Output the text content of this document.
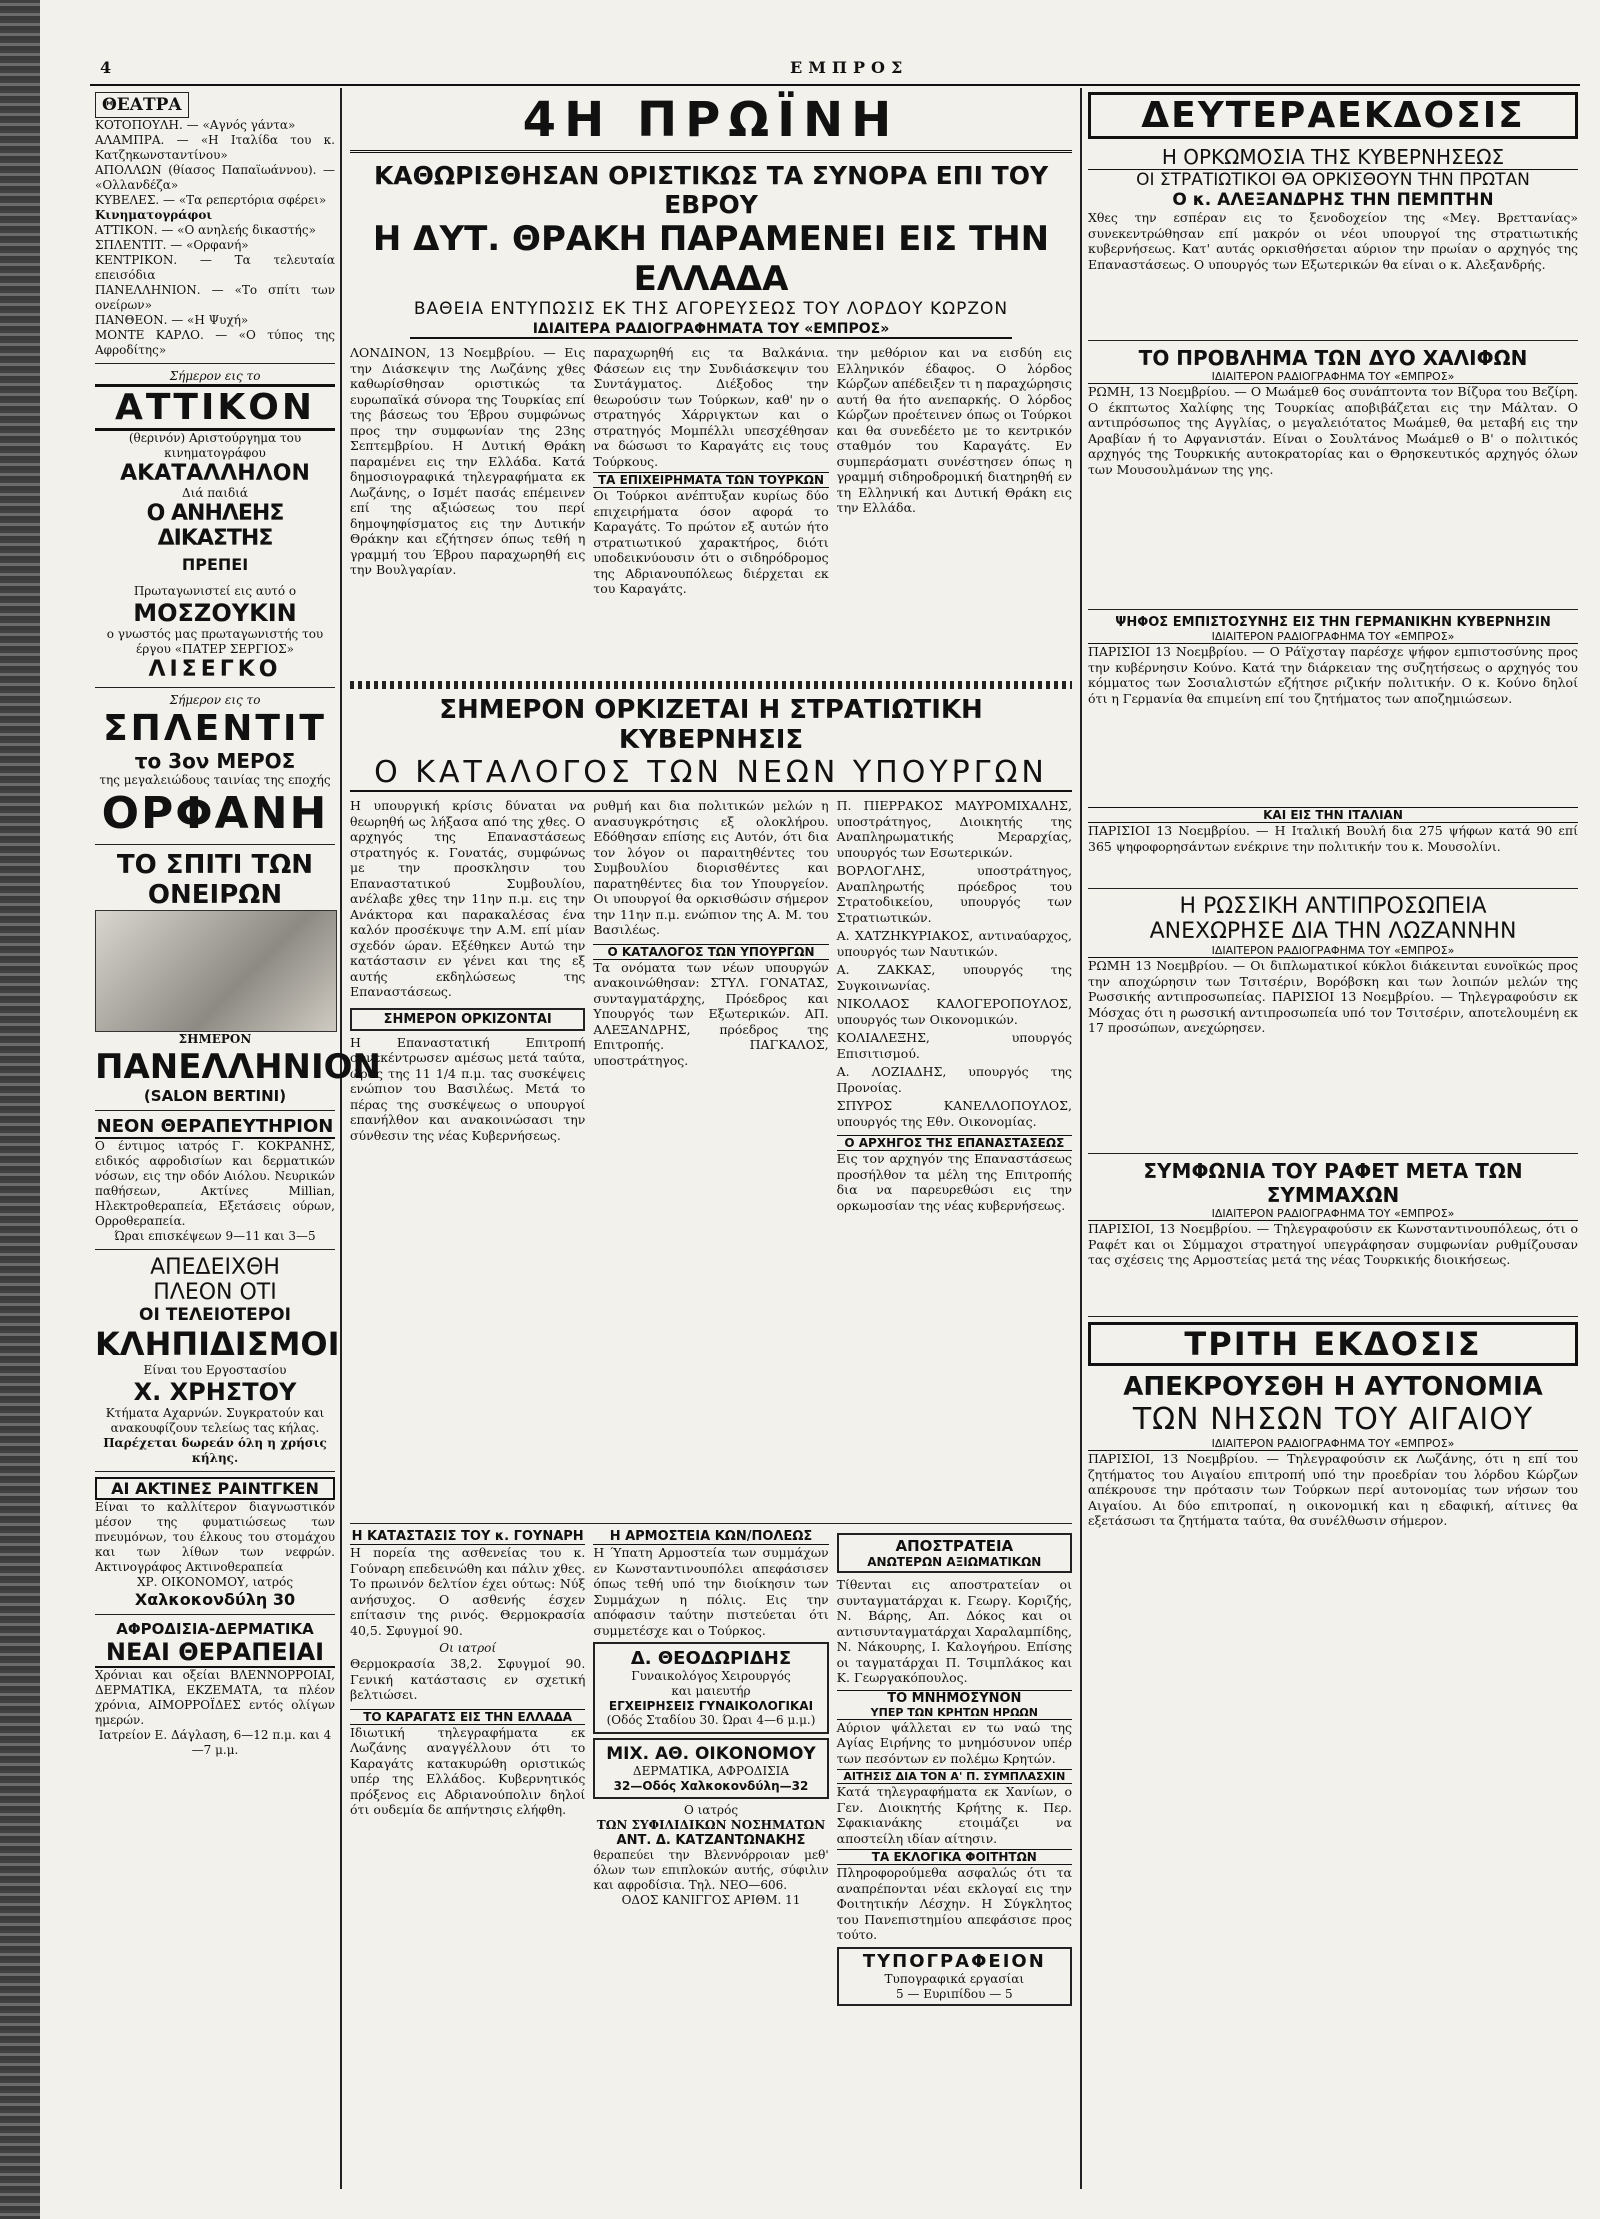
4	ΕΜΠΡΟΣ
ΘΕΑΤΡΑ
ΚΟΤΟΠΟΥΛΗ. — «Αγνός γάντα»
ΑΛΑΜΠΡΑ. — «Η Ιταλίδα του κ. Κατζηκωνσταντίνου»
ΑΠΟΛΛΩΝ (θίασος Παπαϊωάννου). — «Ολλανδέζα»
ΚΥΒΕΛΕΣ. — «Τα ρεπερτόρια σφέρει»
Κινηματογράφοι
ΑΤΤΙΚΟΝ. — «Ο ανηλεής δικαστής»
ΣΠΛΕΝΤΙΤ. — «Ορφανή»
ΚΕΝΤΡΙΚΟΝ. — Τα τελευταία επεισόδια
ΠΑΝΕΛΛΗΝΙΟΝ. — «Το σπίτι των ονείρων»
ΠΑΝΘΕΟΝ. — «Η Ψυχή»
ΜΟΝΤΕ ΚΑΡΛΟ. — «Ο τύπος της Αφροδίτης»
Σήμερον εις το
ΑΤΤΙΚΟΝ
(θερινόν) Αριστούργημα του κινηματογράφου
ΑΚΑΤΑΛΛΗΛΟΝ
Διά παιδιά
Ο ΑΝΗΛΕΗΣ ΔΙΚΑΣΤΗΣ
ΠΡΕΠΕΙ
Πρωταγωνιστεί εις αυτό ο
ΜΟΣΖΟΥΚΙΝ
ο γνωστός μας πρωταγωνιστής του έργου «ΠΑΤΕΡ ΣΕΡΓΙΟΣ»
ΛΙΣΕΓΚΟ
Σήμερον εις το
ΣΠΛΕΝΤΙΤ
το 3ον ΜΕΡΟΣ
της μεγαλειώδους ταινίας της εποχής
ΟΡΦΑΝΗ
ΤΟ ΣΠΙΤΙ ΤΩΝ ΟΝΕΙΡΩΝ
ΣΗΜΕΡΟΝ
ΠΑΝΕΛΛΗΝΙΟΝ
(SALON BERTINI)
ΝΕΟΝ ΘΕΡΑΠΕΥΤΗΡΙΟΝ
Ο έντιμος ιατρός Γ. ΚΟΚΡΑΝΗΣ, ειδικός αφροδισίων και δερματικών νόσων, εις την οδόν Αιόλου. Νευρικών παθήσεων, Ακτίνες Millian, Ηλεκτροθεραπεία, Εξετάσεις ούρων, Ορροθεραπεία.
Ώραι επισκέψεων 9—11 και 3—5
ΑΠΕΔΕΙΧΘΗ
ΠΛΕΟΝ ΟΤΙ
ΟΙ ΤΕΛΕΙΟΤΕΡΟΙ
ΚΛΗΠΙΔΙΣΜΟΙ
Είναι του Εργοστασίου
Χ. ΧΡΗΣΤΟΥ
Κτήματα Αχαρνών. Συγκρατούν και ανακουφίζουν τελείως τας κήλας.
Παρέχεται δωρεάν όλη η χρήσις κήλης.
ΑΙ ΑΚΤΙΝΕΣ ΡΑΙΝΤΓΚΕΝ
Είναι το καλλίτερον διαγνωστικόν μέσον της φυματιώσεως των πνευμόνων, του έλκους του στομάχου και των λίθων των νεφρών. Ακτινογράφος Ακτινοθεραπεία
ΧΡ. ΟΙΚΟΝΟΜΟΥ, ιατρός
Χαλκοκονδύλη 30
ΑΦΡΟΔΙΣΙΑ-ΔΕΡΜΑΤΙΚΑ
ΝΕΑΙ ΘΕΡΑΠΕΙΑΙ
Χρόνιαι και οξείαι ΒΛΕΝΝΟΡΡΟΙΑΙ, ΔΕΡΜΑΤΙΚΑ, ΕΚΖΕΜΑΤΑ, τα πλέον χρόνια, ΑΙΜΟΡΡΟΪΔΕΣ εντός ολίγων ημερών.
Ιατρείον Ε. Δάγλαση, 6—12 π.μ. και 4—7 μ.μ.
4Η ΠΡΩΪΝΗ
ΚΑΘΩΡΙΣΘΗΣΑΝ ΟΡΙΣΤΙΚΩΣ ΤΑ ΣΥΝΟΡΑ ΕΠΙ ΤΟΥ ΕΒΡΟΥ
Η ΔΥΤ. ΘΡΑΚΗ ΠΑΡΑΜΕΝΕΙ ΕΙΣ ΤΗΝ ΕΛΛΑΔΑ
ΒΑΘΕΙΑ ΕΝΤΥΠΩΣΙΣ ΕΚ ΤΗΣ ΑΓΟΡΕΥΣΕΩΣ ΤΟΥ ΛΟΡΔΟΥ ΚΩΡΖΟΝ
ΙΔΙΑΙΤΕΡΑ ΡΑΔΙΟΓΡΑΦΗΜΑΤΑ ΤΟΥ «ΕΜΠΡΟΣ»

ΛΟΝΔΙΝΟΝ, 13 Νοεμβρίου. — Εις την Διάσκεψιν της Λωζάνης χθες καθωρίσθησαν οριστικώς τα ευρωπαϊκά σύνορα της Τουρκίας επί της βάσεως του Έβρου συμφώνως προς την συμφωνίαν της 23ης Σεπτεμβρίου. Η Δυτική Θράκη παραμένει εις την Ελλάδα. Κατά δημοσιογραφικά τηλεγραφήματα εκ Λωζάνης, ο Ισμέτ πασάς επέμεινεν επί της αξιώσεως του περί δημοψηφίσματος εις την Δυτικήν Θράκην και εζήτησεν όπως τεθή η γραμμή του Έβρου παραχωρηθή εις την Βουλγαρίαν.

παραχωρηθή εις τα Βαλκάνια. Φάσεων εις την Συνδιάσκεψιν του Συντάγματος. Διέξοδος την θεωρούσιν των Τούρκων, καθ' ην ο στρατηγός Χάρριγκτων και ο στρατηγός Μομπέλλι υπεσχέθησαν να δώσωσι το Καραγάτς εις τους Τούρκους.

ΤΑ ΕΠΙΧΕΙΡΗΜΑΤΑ ΤΩΝ ΤΟΥΡΚΩΝ

Οι Τούρκοι ανέπτυξαν κυρίως δύο επιχειρήματα όσον αφορά το Καραγάτς. Το πρώτον εξ αυτών ήτο στρατιωτικού χαρακτήρος, διότι υποδεικνύουσιν ότι ο σιδηρόδρομος της Αδριανουπόλεως διέρχεται εκ του Καραγάτς.

την μεθόριον και να εισδύη εις Ελληνικόν έδαφος. Ο λόρδος Κώρζων απέδειξεν τι η παραχώρησις αυτή θα ήτο ανεπαρκής. Ο λόρδος Κώρζων προέτεινεν όπως οι Τούρκοι και θα συνεδέετο με το κεντρικόν σταθμόν του Καραγάτς. Εν συμπεράσματι συνέστησεν όπως η γραμμή σιδηροδρομική διατηρηθή εν τη Ελληνική και Δυτική Θράκη εις την Ελλάδα.

ΣΗΜΕΡΟΝ ΟΡΚΙΖΕΤΑΙ Η ΣΤΡΑΤΙΩΤΙΚΗ ΚΥΒΕΡΝΗΣΙΣ
Ο ΚΑΤΑΛΟΓΟΣ ΤΩΝ ΝΕΩΝ ΥΠΟΥΡΓΩΝ

Η υπουργική κρίσις δύναται να θεωρηθή ως λήξασα από της χθες. Ο αρχηγός της Επαναστάσεως στρατηγός κ. Γονατάς, συμφώνως με την προσκλησιν του Επαναστατικού Συμβουλίου, ανέλαβε χθες την 11ην π.μ. εις την Ανάκτορα και παρακαλέσας ένα καλόν προσέκυψε την Α.Μ. επί μίαν σχεδόν ώραν. Εξέθηκεν Αυτώ την κατάστασιν εν γένει και της εξ αυτής εκδηλώσεως της Επαναστάσεως.

ΣΗΜΕΡΟΝ ΟΡΚΙΖΟΝΤΑΙ

Η Επαναστατική Επιτροπή συνεκέντρωσεν αμέσως μετά ταύτα, ώρας της 11 1/4 π.μ. τας συσκέψεις ενώπιον του Βασιλέως. Μετά το πέρας της συσκέψεως ο υπουργοί επανήλθον και ανακοινώσασι την σύνθεσιν της νέας Κυβερνήσεως.

ρυθμή και δια πολιτικών μελών η ανασυγκρότησις εξ ολοκλήρου. Εδόθησαν επίσης εις Αυτόν, ότι δια τον λόγον οι παραιτηθέντες του Συμβουλίου διορισθέντες και παρατηθέντες δια τον Υπουργείον. Οι υπουργοί θα ορκισθώσιν σήμερον την 11ην π.μ. ενώπιον της Α. Μ. του Βασιλέως.

Ο ΚΑΤΑΛΟΓΟΣ ΤΩΝ ΥΠΟΥΡΓΩΝ

Τα ονόματα των νέων υπουργών ανακοινώθησαν: ΣΤΥΛ. ΓΟΝΑΤΑΣ, συνταγματάρχης, Πρόεδρος και Υπουργός των Εξωτερικών. ΑΠ. ΑΛΕΞΑΝΔΡΗΣ, πρόεδρος της Επιτροπής. ΠΑΓΚΑΛΟΣ, υποστράτηγος.

Π. ΠΙΕΡΡΑΚΟΣ ΜΑΥΡΟΜΙΧΑΛΗΣ, υποστράτηγος, Διοικητής της Αναπληρωματικής Μεραρχίας, υπουργός των Εσωτερικών.

ΒΟΡΛΟΓΛΗΣ, υποστράτηγος, Αναπληρωτής πρόεδρος του Στρατοδικείου, υπουργός των Στρατιωτικών.

Α. ΧΑΤΖΗΚΥΡΙΑΚΟΣ, αντιναύαρχος, υπουργός των Ναυτικών.

Α. ΖΑΚΚΑΣ, υπουργός της Συγκοινωνίας.

ΝΙΚΟΛΑΟΣ ΚΑΛΟΓΕΡΟΠΟΥΛΟΣ, υπουργός των Οικονομικών.

ΚΟΛΙΑΛΕΞΗΣ, υπουργός Επισιτισμού.

Α. ΛΟΖΙΑΔΗΣ, υπουργός της Προνοίας.

ΣΠΥΡΟΣ ΚΑΝΕΛΛΟΠΟΥΛΟΣ, υπουργός της Εθν. Οικονομίας.

Ο ΑΡΧΗΓΟΣ ΤΗΣ ΕΠΑΝΑΣΤΑΣΕΩΣ

Εις τον αρχηγόν της Επαναστάσεως προσήλθον τα μέλη της Επιτροπής δια να παρευρεθώσι εις την ορκωμοσίαν της νέας κυβερνήσεως.

Η ΚΑΤΑΣΤΑΣΙΣ ΤΟΥ κ. ΓΟΥΝΑΡΗ

Η πορεία της ασθενείας του κ. Γούναρη επεδεινώθη και πάλιν χθες. Το πρωινόν δελτίον έχει ούτως: Νύξ ανήσυχος. Ο ασθενής έσχεν επίτασιν της ρινός. Θερμοκρασία 40,5. Σφυγμοί 90.

Οι ιατροί

Θερμοκρασία 38,2. Σφυγμοί 90. Γενική κατάστασις εν σχετική βελτιώσει.

ΤΟ ΚΑΡΑΓΑΤΣ ΕΙΣ ΤΗΝ ΕΛΛΑΔΑ

Ιδιωτική τηλεγραφήματα εκ Λωζάνης αναγγέλλουν ότι το Καραγάτς κατακυρώθη οριστικώς υπέρ της Ελλάδος. Κυβερνητικός πρόξενος εις Αδριανούπολιν δηλοί ότι ουδεμία δε απήντησις ελήφθη.

Η ΑΡΜΟΣΤΕΙΑ ΚΩΝ/ΠΟΛΕΩΣ

Η Ύπατη Αρμοστεία των συμμάχων εν Κωνσταντινουπόλει απεφάσισεν όπως τεθή υπό την διοίκησιν των Συμμάχων η πόλις. Εις την απόφασιν ταύτην πιστεύεται ότι συμμετέσχε και ο Τούρκος.

Δ. ΘΕΟΔΩΡΙΔΗΣ
Γυναικολόγος Χειρουργός
και μαιευτήρ
ΕΓΧΕΙΡΗΣΕΙΣ ΓΥΝΑΙΚΟΛΟΓΙΚΑΙ
(Οδός Σταδίου 30. Ώραι 4—6 μ.μ.)
ΜΙΧ. ΑΘ. ΟΙΚΟΝΟΜΟΥ
ΔΕΡΜΑΤΙΚΑ, ΑΦΡΟΔΙΣΙΑ
32—Οδός Χαλκοκονδύλη—32
Ο ιατρός
ΤΩΝ ΣΥΦΙΛΙΔΙΚΩΝ ΝΟΣΗΜΑΤΩΝ
ΑΝΤ. Δ. ΚΑΤΖΑΝΤΩΝΑΚΗΣ
θεραπεύει την Βλεννόρροιαν μεθ' όλων των επιπλοκών αυτής, σύφιλιν και αφροδίσια. Τηλ. ΝΕΟ—606.
ΟΔΟΣ ΚΑΝΙΓΓΟΣ ΑΡΙΘΜ. 11
ΑΠΟΣΤΡΑΤΕΙΑ
ΑΝΩΤΕΡΩΝ ΑΞΙΩΜΑΤΙΚΩΝ

Τίθενται εις αποστρατείαν οι συνταγματάρχαι κ. Γεωργ. Κοριζής, Ν. Βάρης, Απ. Δόκος και οι αντισυνταγματάρχαι Χαραλαμπίδης, Ν. Νάκουρης, Ι. Καλογήρου. Επίσης οι ταγματάρχαι Π. Τσιμπλάκος και Κ. Γεωργακόπουλος.

ΤΟ ΜΝΗΜΟΣΥΝΟΝ
ΥΠΕΡ ΤΩΝ ΚΡΗΤΩΝ ΗΡΩΩΝ

Αύριον ψάλλεται εν τω ναώ της Αγίας Ειρήνης το μνημόσυνον υπέρ των πεσόντων εν πολέμω Κρητών.

ΑΙΤΗΣΙΣ ΔΙΑ ΤΟΝ Α' Π. ΣΥΜΠΛΑΣΧΙΝ

Κατά τηλεγραφήματα εκ Χανίων, ο Γεν. Διοικητής Κρήτης κ. Περ. Σφακιανάκης ετοιμάζει να αποστείλη ιδίαν αίτησιν.

ΤΑ ΕΚΛΟΓΙΚΑ ΦΟΙΤΗΤΩΝ

Πληροφορούμεθα ασφαλώς ότι τα αναπρέπονται νέαι εκλογαί εις την Φοιτητικήν Λέσχην. Η Σύγκλητος του Πανεπιστημίου απεφάσισε προς τούτο.

ΤΥΠΟΓΡΑΦΕΙΟΝ
Τυπογραφικά εργασίαι
5 — Ευριπίδου — 5
ΔΕΥΤΕΡΑΕΚΔΟΣΙΣ
Η ΟΡΚΩΜΟΣΙΑ ΤΗΣ ΚΥΒΕΡΝΗΣΕΩΣ
ΟΙ ΣΤΡΑΤΙΩΤΙΚΟΙ ΘΑ ΟΡΚΙΣΘΟΥΝ ΤΗΝ ΠΡΩΤΑΝ
Ο κ. ΑΛΕΞΑΝΔΡΗΣ ΤΗΝ ΠΕΜΠΤΗΝ

Χθες την εσπέραν εις το ξενοδοχείον της «Μεγ. Βρεττανίας» συνεκεντρώθησαν επί μακρόν οι νέοι υπουργοί της στρατιωτικής κυβερνήσεως. Κατ' αυτάς ορκισθήσεται αύριον την πρωίαν ο αρχηγός της Επαναστάσεως. Ο υπουργός των Εξωτερικών θα είναι ο κ. Αλεξανδρής.

ΤΟ ΠΡΟΒΛΗΜΑ ΤΩΝ ΔΥΟ ΧΑΛΙΦΩΝ
ΙΔΙΑΙΤΕΡΟΝ ΡΑΔΙΟΓΡΑΦΗΜΑ ΤΟΥ «ΕΜΠΡΟΣ»

ΡΩΜΗ, 13 Νοεμβρίου. — Ο Μωάμεθ 6ος συνάπτοντα τον Βίζυρα του Βεζίρη. Ο έκπτωτος Χαλίφης της Τουρκίας αποβιβάζεται εις την Μάλταν. Ο αντιπρόσωπος της Αγγλίας, ο μεγαλειότατος Μωάμεθ, θα μεταβή εις την Αραβίαν ή το Αφγανιστάν. Είναι ο Σουλτάνος Μωάμεθ ο Β' ο πολιτικός αρχηγός της Τουρκικής αυτοκρατορίας και ο Θρησκευτικός αρχηγός όλων των Μουσουλμάνων της γης.

ΨΗΦΟΣ ΕΜΠΙΣΤΟΣΥΝΗΣ ΕΙΣ ΤΗΝ ΓΕΡΜΑΝΙΚΗΝ ΚΥΒΕΡΝΗΣΙΝ
ΙΔΙΑΙΤΕΡΟΝ ΡΑΔΙΟΓΡΑΦΗΜΑ ΤΟΥ «ΕΜΠΡΟΣ»

ΠΑΡΙΣΙΟΙ 13 Νοεμβρίου. — Ο Ράϊχσταγ παρέσχε ψήφον εμπιστοσύνης προς την κυβέρνησιν Κούνο. Κατά την διάρκειαν της συζητήσεως ο αρχηγός του κόμματος των Σοσιαλιστών εζήτησε ριζικήν πολιτικήν. Ο κ. Κούνο δηλοί ότι η Γερμανία θα επιμείνη επί του ζητήματος των αποζημιώσεων.

ΚΑΙ ΕΙΣ ΤΗΝ ΙΤΑΛΙΑΝ

ΠΑΡΙΣΙΟΙ 13 Νοεμβρίου. — Η Ιταλική Βουλή δια 275 ψήφων κατά 90 επί 365 ψηφοφορησάντων ενέκρινε την πολιτικήν του κ. Μουσολίνι.

Η ΡΩΣΣΙΚΗ ΑΝΤΙΠΡΟΣΩΠΕΙΑ
ΑΝΕΧΩΡΗΣΕ ΔΙΑ ΤΗΝ ΛΩΖΑΝΝΗΝ
ΙΔΙΑΙΤΕΡΟΝ ΡΑΔΙΟΓΡΑΦΗΜΑ ΤΟΥ «ΕΜΠΡΟΣ»

ΡΩΜΗ 13 Νοεμβρίου. — Οι διπλωματικοί κύκλοι διάκεινται ευνοϊκώς προς την αποχώρησιν των Τσιτσέριν, Βορόβσκη και των λοιπών μελών της Ρωσσικής αντιπροσωπείας. ΠΑΡΙΣΙΟΙ 13 Νοεμβρίου. — Τηλεγραφούσιν εκ Μόσχας ότι η ρωσσική αντιπροσωπεία υπό τον Τσιτσέριν, αποτελουμένη εκ 17 προσώπων, ανεχώρησεν.

ΣΥΜΦΩΝΙΑ ΤΟΥ ΡΑΦΕΤ ΜΕΤΑ ΤΩΝ ΣΥΜΜΑΧΩΝ
ΙΔΙΑΙΤΕΡΟΝ ΡΑΔΙΟΓΡΑΦΗΜΑ ΤΟΥ «ΕΜΠΡΟΣ»

ΠΑΡΙΣΙΟΙ, 13 Νοεμβρίου. — Τηλεγραφούσιν εκ Κωνσταντινουπόλεως, ότι ο Ραφέτ και οι Σύμμαχοι στρατηγοί υπεγράφησαν συμφωνίαν ρυθμίζουσαν τας σχέσεις της Αρμοστείας μετά της νέας Τουρκικής διοικήσεως.

ΤΡΙΤΗ ΕΚΔΟΣΙΣ
ΑΠΕΚΡΟΥΣΘΗ Η ΑΥΤΟΝΟΜΙΑ
ΤΩΝ ΝΗΣΩΝ ΤΟΥ ΑΙΓΑΙΟΥ
ΙΔΙΑΙΤΕΡΟΝ ΡΑΔΙΟΓΡΑΦΗΜΑ ΤΟΥ «ΕΜΠΡΟΣ»

ΠΑΡΙΣΙΟΙ, 13 Νοεμβρίου. — Τηλεγραφούσιν εκ Λωζάνης, ότι η επί του ζητήματος του Αιγαίου επιτροπή υπό την προεδρίαν του λόρδου Κώρζων απέκρουσε την πρότασιν των Τούρκων περί αυτονομίας των νήσων του Αιγαίου. Αι δύο επιτροπαί, η οικονομική και η εδαφική, αίτινες θα εξετάσωσι τα ζητήματα ταύτα, θα συνέλθωσιν σήμερον.
